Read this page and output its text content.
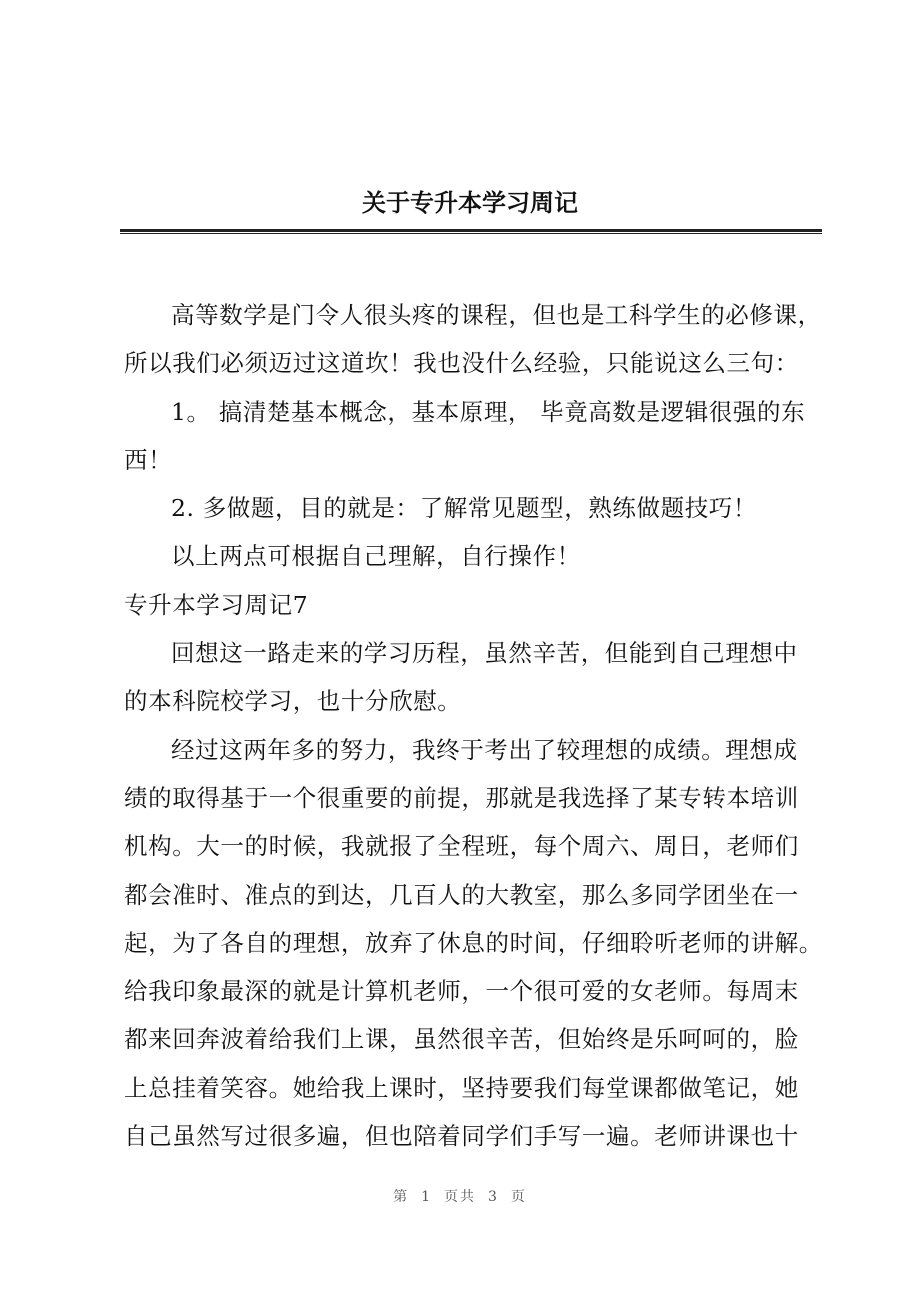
关于专升本学习周记

高等数学是门令人很头疼的课程，但也是工科学生的必修课，
所以我们必须迈过这道坎！我也没什么经验，只能说这么三句：

1。 搞清楚基本概念，基本原理， 毕竟高数是逻辑很强的东
西！

2. 多做题，目的就是：了解常见题型，熟练做题技巧！

以上两点可根据自己理解，自行操作！

专升本学习周记7

回想这一路走来的学习历程，虽然辛苦，但能到自己理想中
的本科院校学习，也十分欣慰。

经过这两年多的努力，我终于考出了较理想的成绩。理想成
绩的取得基于一个很重要的前提，那就是我选择了某专转本培训
机构。大一的时候，我就报了全程班，每个周六、周日，老师们
都会准时、准点的到达，几百人的大教室，那么多同学团坐在一
起，为了各自的理想，放弃了休息的时间，仔细聆听老师的讲解。
给我印象最深的就是计算机老师，一个很可爱的女老师。每周末
都来回奔波着给我们上课，虽然很辛苦，但始终是乐呵呵的，脸
上总挂着笑容。她给我上课时，坚持要我们每堂课都做笔记，她
自己虽然写过很多遍，但也陪着同学们手写一遍。老师讲课也十

第 1 页共 3 页
